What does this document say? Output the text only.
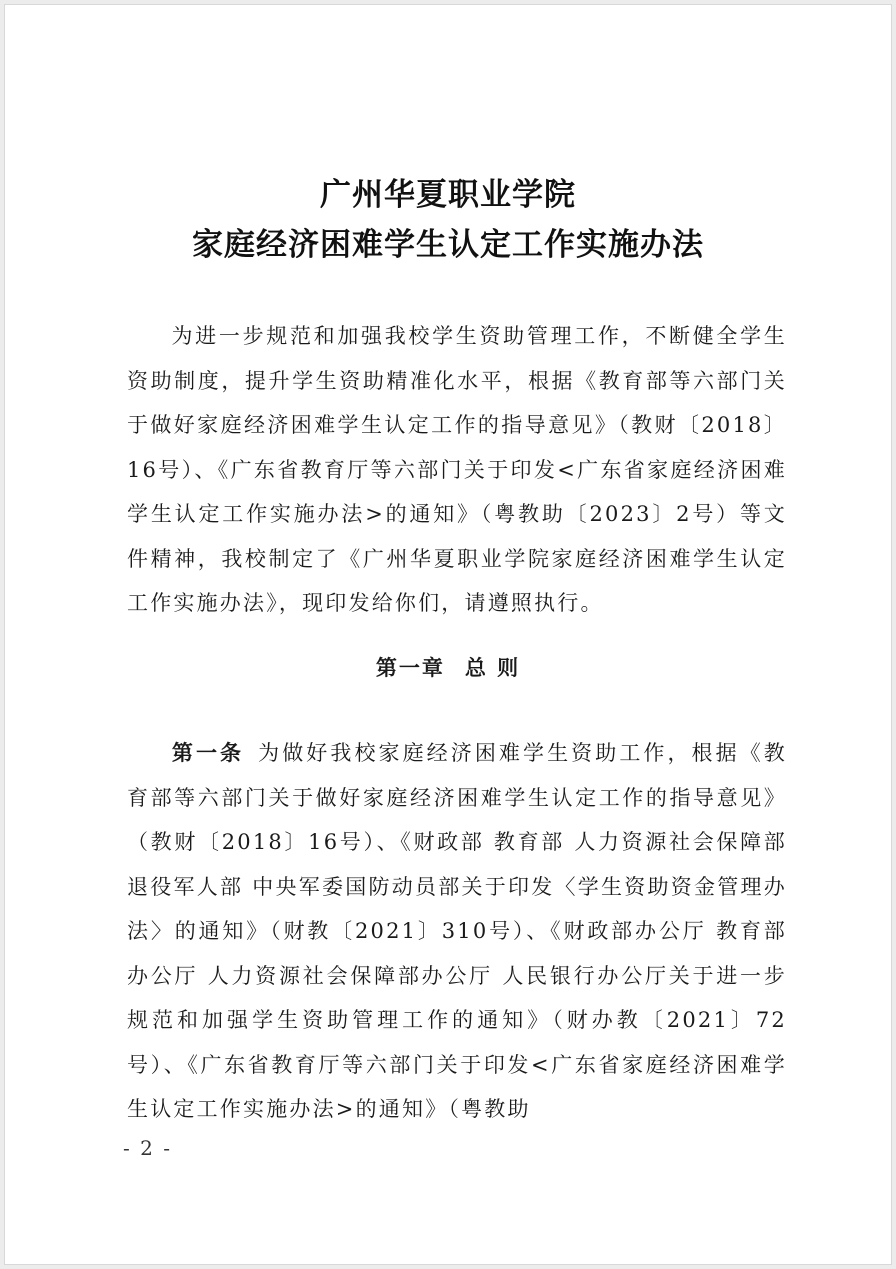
广州华夏职业学院
家庭经济困难学生认定工作实施办法

为进一步规范和加强我校学生资助管理工作，不断健全学生资助制度，提升学生资助精准化水平，根据《教育部等六部门关于做好家庭经济困难学生认定工作的指导意见》（教财〔2018〕16号）、《广东省教育厅等六部门关于印发<广东省家庭经济困难学生认定工作实施办法>的通知》（粤教助〔2023〕2号）等文件精神，我校制定了《广州华夏职业学院家庭经济困难学生认定工作实施办法》，现印发给你们，请遵照执行。

第一章 总 则

第一条 为做好我校家庭经济困难学生资助工作，根据《教育部等六部门关于做好家庭经济困难学生认定工作的指导意见》（教财〔2018〕16号）、《财政部 教育部 人力资源社会保障部 退役军人部 中央军委国防动员部关于印发〈学生资助资金管理办法〉的通知》（财教〔2021〕310号）、《财政部办公厅 教育部办公厅 人力资源社会保障部办公厅 人民银行办公厅关于进一步规范和加强学生资助管理工作的通知》（财办教〔2021〕72号）、《广东省教育厅等六部门关于印发<广东省家庭经济困难学生认定工作实施办法>的通知》（粤教助

- 2 -
